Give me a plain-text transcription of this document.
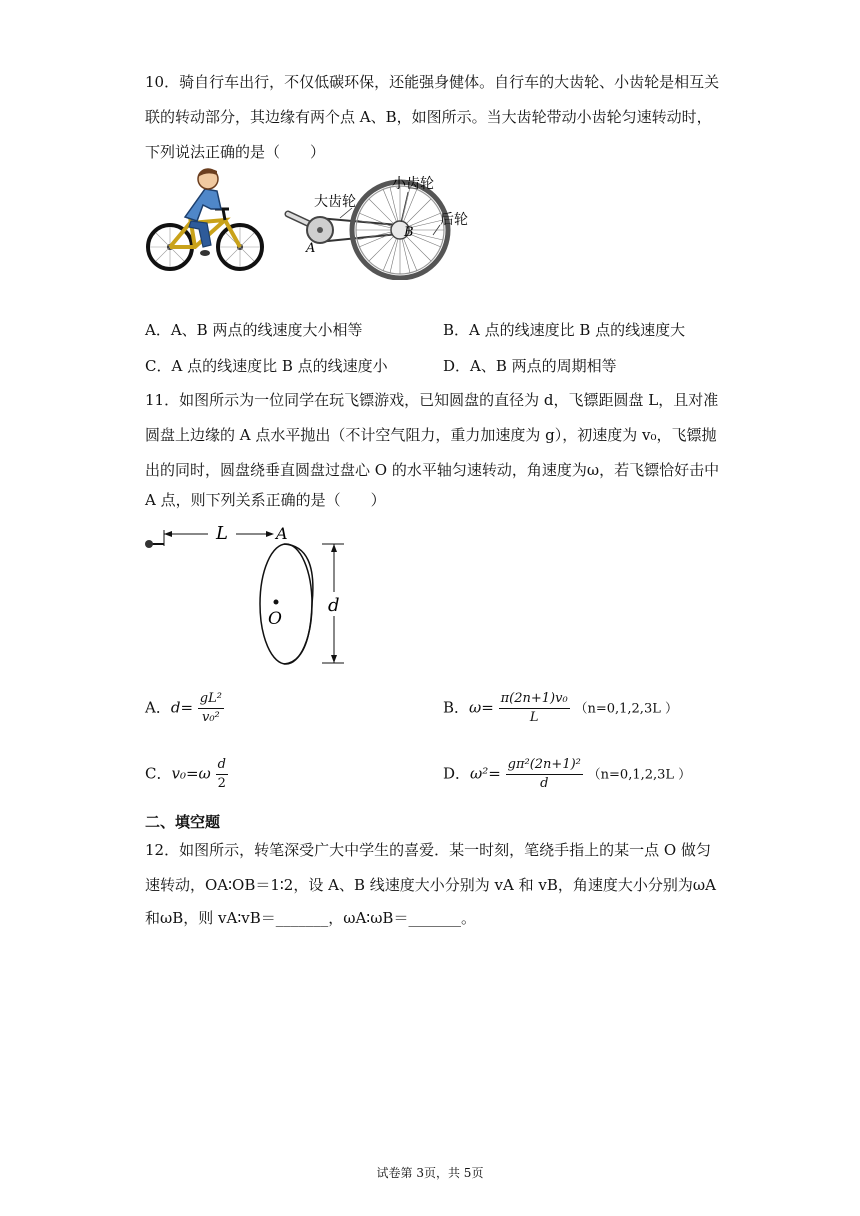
10．骑自行车出行，不仅低碳环保，还能强身健体。自行车的大齿轮、小齿轮是相互关
联的转动部分，其边缘有两个点 A、B，如图所示。当大齿轮带动小齿轮匀速转动时，
下列说法正确的是（　　）
大齿轮
小齿轮
后轮
A
B
A．A、B 两点的线速度大小相等	B．A 点的线速度比 B 点的线速度大
C．A 点的线速度比 B 点的线速度小	D．A、B 两点的周期相等
11．如图所示为一位同学在玩飞镖游戏，已知圆盘的直径为 d，飞镖距圆盘 L，且对准
圆盘上边缘的 A 点水平抛出（不计空气阻力，重力加速度为 g），初速度为 v₀，飞镖抛
出的同时，圆盘绕垂直圆盘过盘心 O 的水平轴匀速转动，角速度为ω，若飞镖恰好击中
A 点，则下列关系正确的是（　　）
L	A
O
d
A．$d= \frac{\text{gL²}}{\text{v₀²}}$	B．$\omega= \frac{\text{π(2n+1)v₀}}{L} (n=0,1,2,3L$ ）
C．$v_0=\omega \frac{d}{2}$	D．$\omega^2= \frac{\text{gπ²(2n+1)²}}{d} (n=0,1,2,3L$ ）
二、填空题
12．如图所示，转笔深受广大中学生的喜爱．某一时刻，笔绕手指上的某一点 O 做匀
速转动，OA∶OB＝1∶2，设 A、B 线速度大小分别为 vA 和 vB，角速度大小分别为ωA
和ωB，则 vA∶vB＝_______，ωA∶ωB＝_______。
试卷第 3页，共 5页
